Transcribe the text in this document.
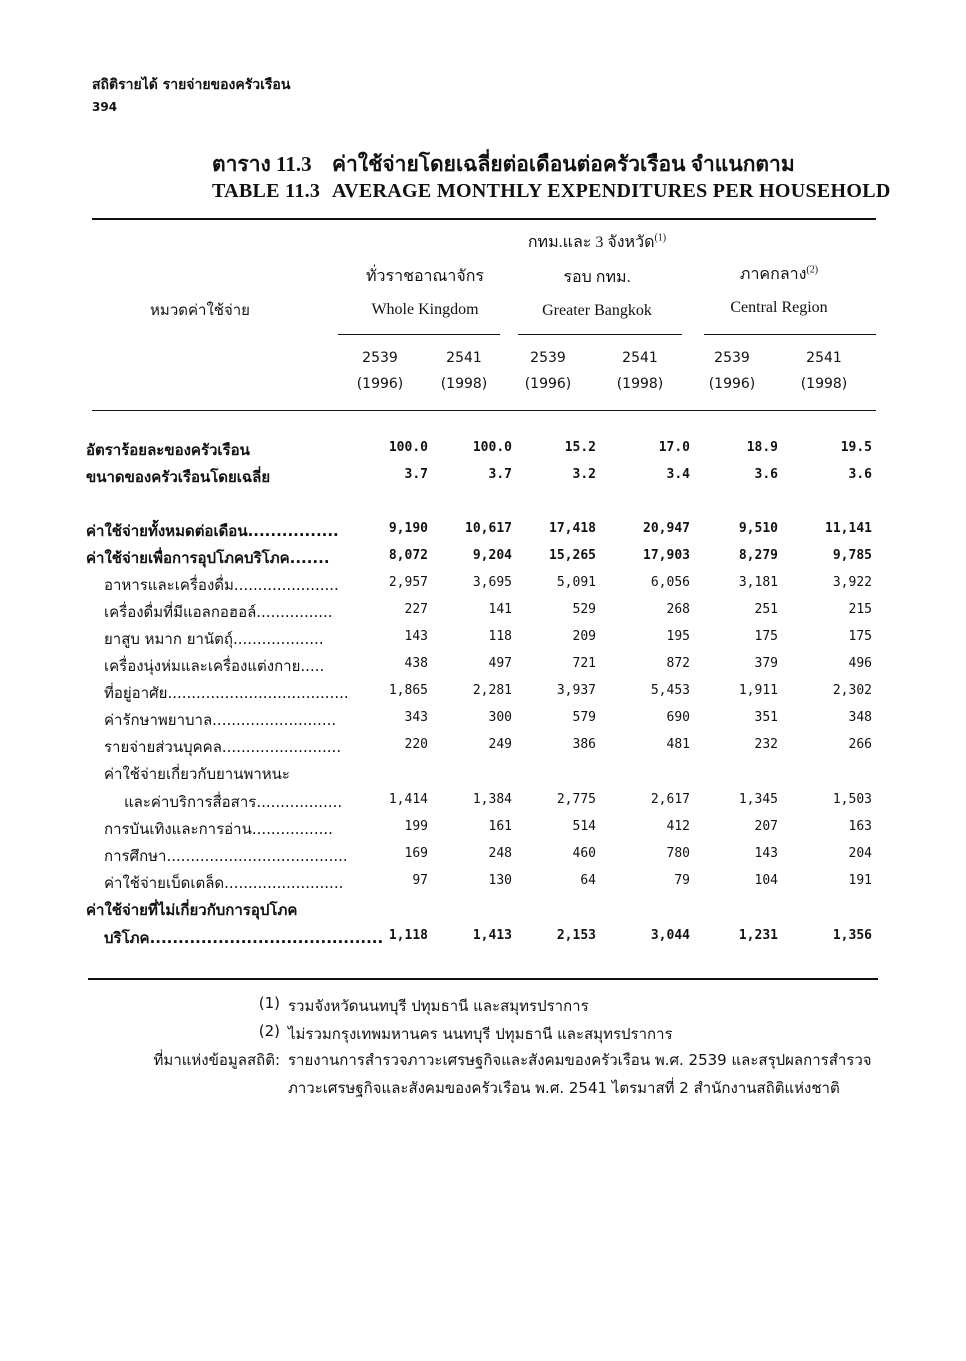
สถิติรายได้ รายจ่ายของครัวเรือน
394
ตาราง 11.3 ค่าใช้จ่ายโดยเฉลี่ยต่อเดือนต่อครัวเรือน จำแนกตาม
TABLE 11.3 AVERAGE MONTHLY EXPENDITURES PER HOUSEHOLD
หมวดค่าใช้จ่าย
ทั่วราชอาณาจักร
Whole Kingdom
กทม.และ 3 จังหวัด$^{(1)}$
รอบ กทม.
Greater Bangkok
ภาคกลาง$^{(2)}$
Central Region
2539
(1996)
2541
(1998)
2539
(1996)
2541
(1998)
2539
(1996)
2541
(1998)
อัตราร้อยละของครัวเรือน	100.0	100.0	15.2	17.0	18.9	19.5
ขนาดของครัวเรือนโดยเฉลี่ย	3.7	3.7	3.2	3.4	3.6	3.6
ค่าใช้จ่ายทั้งหมดต่อเดือน................	9,190	10,617	17,418	20,947	9,510	11,141
ค่าใช้จ่ายเพื่อการอุปโภคบริโภค.......	8,072	9,204	15,265	17,903	8,279	9,785
อาหารและเครื่องดื่ม......................	2,957	3,695	5,091	6,056	3,181	3,922
เครื่องดื่มที่มีแอลกอฮอล์................	227	141	529	268	251	215
ยาสูบ หมาก ยานัตถุ์...................	143	118	209	195	175	175
เครื่องนุ่งห่มและเครื่องแต่งกาย.....	438	497	721	872	379	496
ที่อยู่อาศัย......................................	1,865	2,281	3,937	5,453	1,911	2,302
ค่ารักษาพยาบาล..........................	343	300	579	690	351	348
รายจ่ายส่วนบุคคล.........................	220	249	386	481	232	266
ค่าใช้จ่ายเกี่ยวกับยานพาหนะ
และค่าบริการสื่อสาร..................	1,414	1,384	2,775	2,617	1,345	1,503
การบันเทิงและการอ่าน.................	199	161	514	412	207	163
การศึกษา......................................	169	248	460	780	143	204
ค่าใช้จ่ายเบ็ดเตล็ด.........................	97	130	64	79	104	191
ค่าใช้จ่ายที่ไม่เกี่ยวกับการอุปโภค
บริโภค......................................... 1,118	1,413	2,153	3,044	1,231	1,356
(1) รวมจังหวัดนนทบุรี ปทุมธานี และสมุทรปราการ
(2) ไม่รวมกรุงเทพมหานคร นนทบุรี ปทุมธานี และสมุทรปราการ
ที่มาแห่งข้อมูลสถิติ: รายงานการสำรวจภาวะเศรษฐกิจและสังคมของครัวเรือน พ.ศ. 2539 และสรุปผลการสำรวจ
ภาวะเศรษฐกิจและสังคมของครัวเรือน พ.ศ. 2541 ไตรมาสที่ 2 สำนักงานสถิติแห่งชาติ
